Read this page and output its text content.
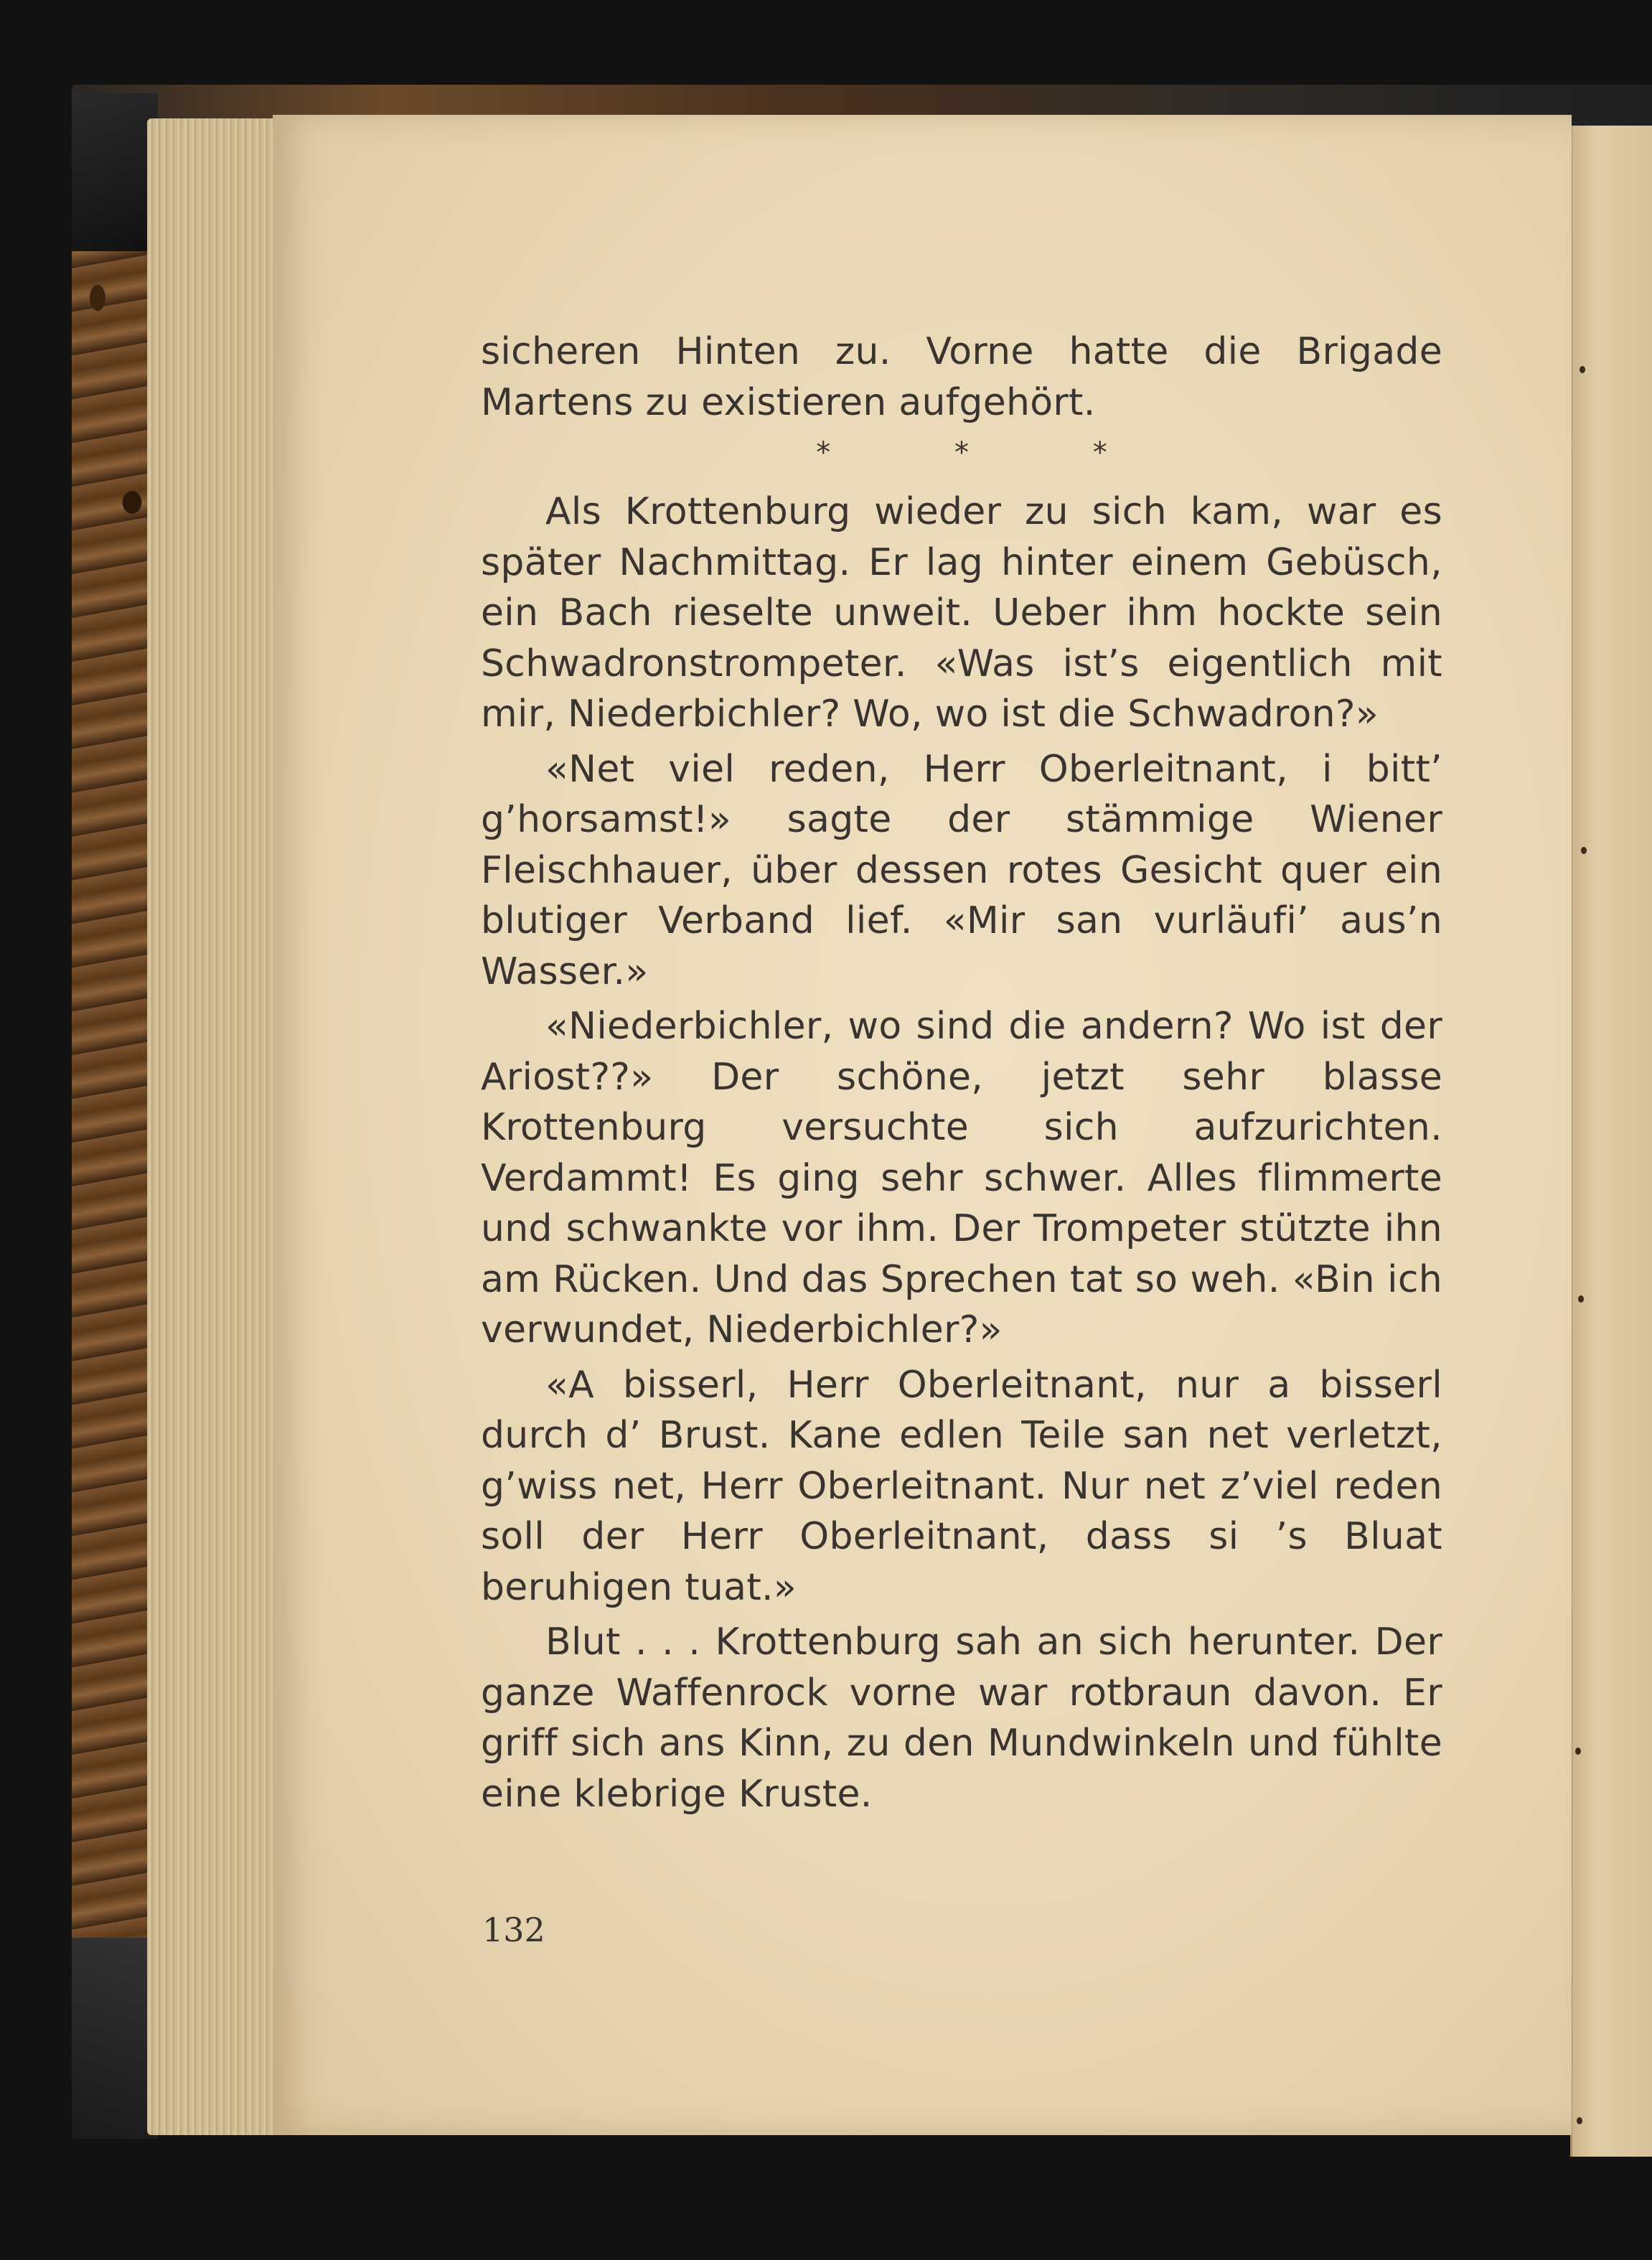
sicheren Hinten zu. Vorne hatte die Brigade Martens zu existieren aufgehört.

* * *

Als Krottenburg wieder zu sich kam, war es später Nachmittag. Er lag hinter einem Gebüsch, ein Bach rieselte unweit. Ueber ihm hockte sein Schwadronstrompeter. «Was ist’s eigentlich mit mir, Niederbichler? Wo, wo ist die Schwadron?»

«Net viel reden, Herr Oberleitnant, i bitt’ g’horsamst!» sagte der stämmige Wiener Fleischhauer, über dessen rotes Gesicht quer ein blutiger Verband lief. «Mir san vurläufi’ aus’n Wasser.»

«Niederbichler, wo sind die andern? Wo ist der Ariost??» Der schöne, jetzt sehr blasse Krottenburg versuchte sich aufzurichten. Verdammt! Es ging sehr schwer. Alles flimmerte und schwankte vor ihm. Der Trompeter stützte ihn am Rücken. Und das Sprechen tat so weh. «Bin ich verwundet, Niederbichler?»

«A bisserl, Herr Oberleitnant, nur a bisserl durch d’ Brust. Kane edlen Teile san net verletzt, g’wiss net, Herr Oberleitnant. Nur net z’viel reden soll der Herr Oberleitnant, dass si ’s Bluat beruhigen tuat.»

Blut . . . Krottenburg sah an sich herunter. Der ganze Waffenrock vorne war rotbraun davon. Er griff sich ans Kinn, zu den Mundwinkeln und fühlte eine klebrige Kruste.

132
